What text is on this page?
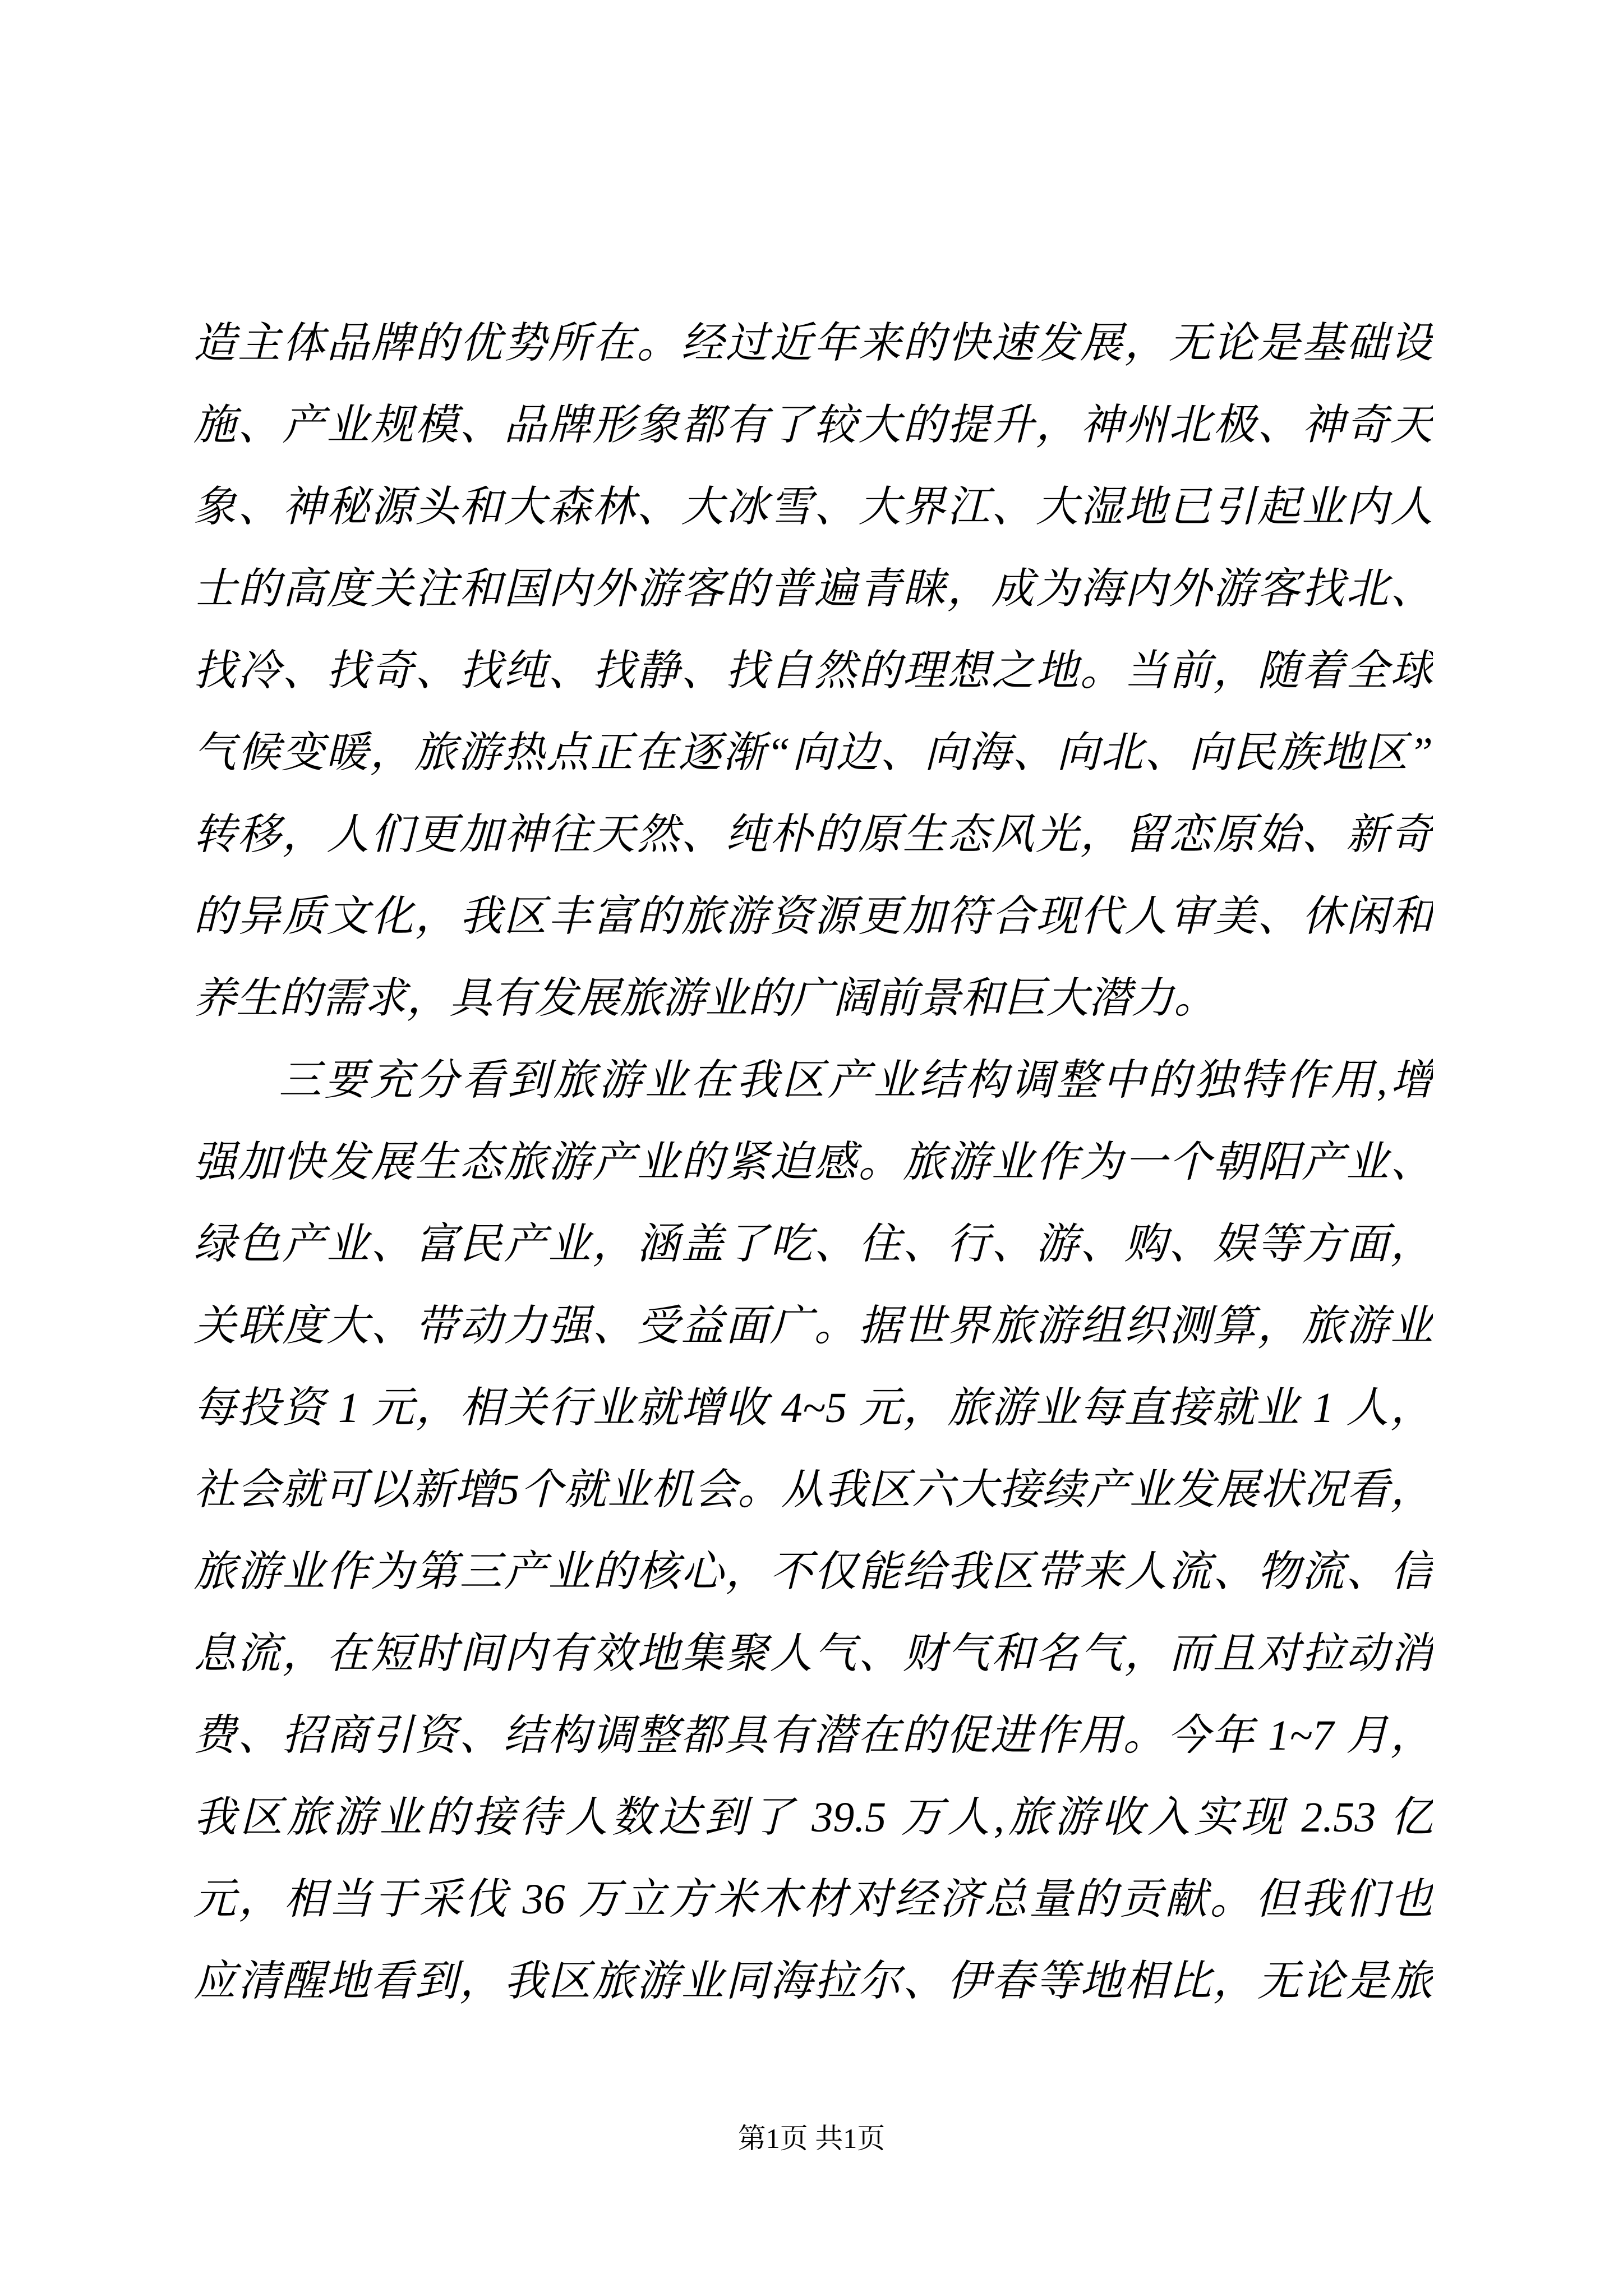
造主体品牌的优势所在。经过近年来的快速发展，无论是基础设
施、产业规模、品牌形象都有了较大的提升，神州北极、神奇天
象、神秘源头和大森林、大冰雪、大界江、大湿地已引起业内人
士的高度关注和国内外游客的普遍青睐，成为海内外游客找北、
找冷、找奇、找纯、找静、找自然的理想之地。当前，随着全球
气候变暖，旅游热点正在逐渐“向边、向海、向北、向民族地区”
转移，人们更加神往天然、纯朴的原生态风光，留恋原始、新奇
的异质文化，我区丰富的旅游资源更加符合现代人审美、休闲和
养生的需求，具有发展旅游业的广阔前景和巨大潜力。
三要充分看到旅游业在我区产业结构调整中的独特作用,增
强加快发展生态旅游产业的紧迫感。旅游业作为一个朝阳产业、
绿色产业、富民产业，涵盖了吃、住、行、游、购、娱等方面，
关联度大、带动力强、受益面广。据世界旅游组织测算，旅游业
每投资 1 元，相关行业就增收 4~5 元，旅游业每直接就业 1 人，
社会就可以新增5个就业机会。从我区六大接续产业发展状况看，
旅游业作为第三产业的核心，不仅能给我区带来人流、物流、信
息流，在短时间内有效地集聚人气、财气和名气，而且对拉动消
费、招商引资、结构调整都具有潜在的促进作用。今年 1~7 月，
我区旅游业的接待人数达到了 39.5 万人,旅游收入实现 2.53 亿
元，相当于采伐 36 万立方米木材对经济总量的贡献。但我们也
应清醒地看到，我区旅游业同海拉尔、伊春等地相比，无论是旅
第1页 共1页
